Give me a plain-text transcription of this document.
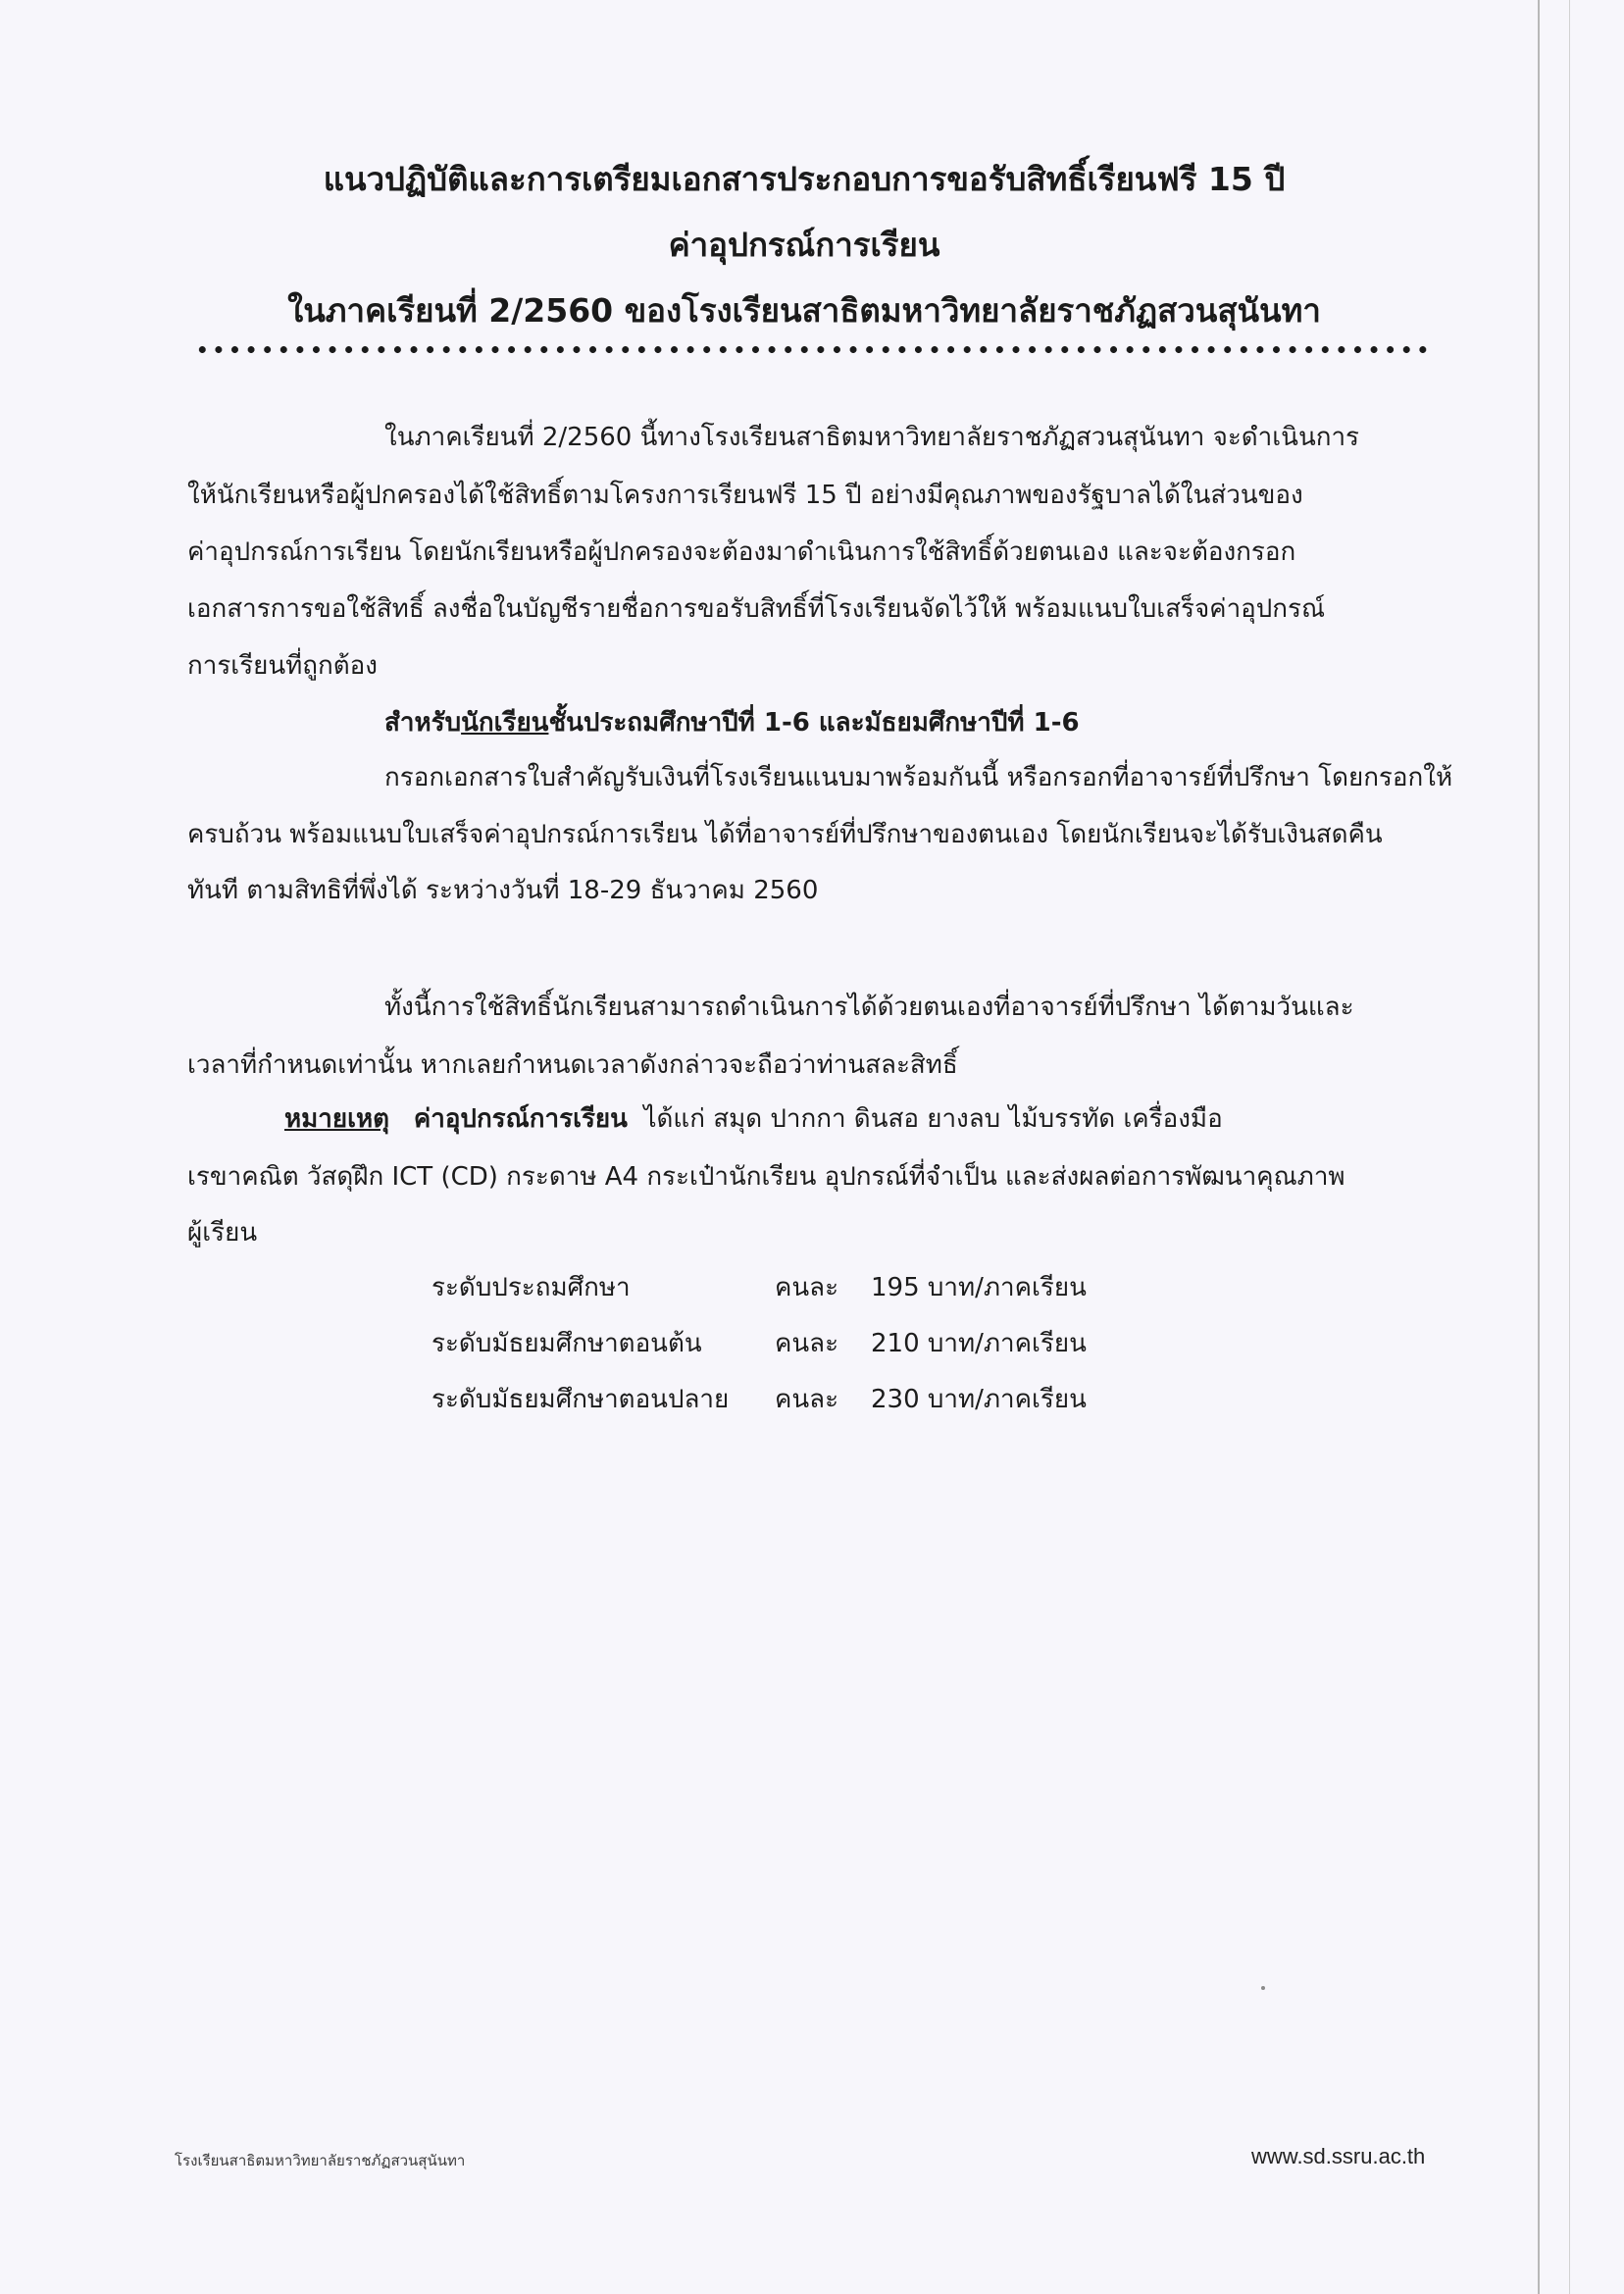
แนวปฏิบัติและการเตรียมเอกสารประกอบการขอรับสิทธิ์เรียนฟรี 15 ปี
ค่าอุปกรณ์การเรียน
ในภาคเรียนที่ 2/2560 ของโรงเรียนสาธิตมหาวิทยาลัยราชภัฏสวนสุนันทา
ในภาคเรียนที่ 2/2560 นี้ทางโรงเรียนสาธิตมหาวิทยาลัยราชภัฏสวนสุนันทา จะดำเนินการ
ให้นักเรียนหรือผู้ปกครองได้ใช้สิทธิ์ตามโครงการเรียนฟรี 15 ปี อย่างมีคุณภาพของรัฐบาลได้ในส่วนของ
ค่าอุปกรณ์การเรียน โดยนักเรียนหรือผู้ปกครองจะต้องมาดำเนินการใช้สิทธิ์ด้วยตนเอง และจะต้องกรอก
เอกสารการขอใช้สิทธิ์ ลงชื่อในบัญชีรายชื่อการขอรับสิทธิ์ที่โรงเรียนจัดไว้ให้ พร้อมแนบใบเสร็จค่าอุปกรณ์
การเรียนที่ถูกต้อง
สำหรับนักเรียนชั้นประถมศึกษาปีที่ 1-6 และมัธยมศึกษาปีที่ 1-6
กรอกเอกสารใบสำคัญรับเงินที่โรงเรียนแนบมาพร้อมกันนี้ หรือกรอกที่อาจารย์ที่ปรึกษา โดยกรอกให้
ครบถ้วน พร้อมแนบใบเสร็จค่าอุปกรณ์การเรียน ได้ที่อาจารย์ที่ปรึกษาของตนเอง โดยนักเรียนจะได้รับเงินสดคืน
ทันที ตามสิทธิที่พึ่งได้ ระหว่างวันที่ 18-29 ธันวาคม 2560
ทั้งนี้การใช้สิทธิ์นักเรียนสามารถดำเนินการได้ด้วยตนเองที่อาจารย์ที่ปรึกษา ได้ตามวันและ
เวลาที่กำหนดเท่านั้น หากเลยกำหนดเวลาดังกล่าวจะถือว่าท่านสละสิทธิ์
หมายเหตุ ค่าอุปกรณ์การเรียน ได้แก่ สมุด ปากกา ดินสอ ยางลบ ไม้บรรทัด เครื่องมือ
เรขาคณิต วัสดุฝึก ICT (CD) กระดาษ A4 กระเป๋านักเรียน อุปกรณ์ที่จำเป็น และส่งผลต่อการพัฒนาคุณภาพ
ผู้เรียน
ระดับประถมศึกษา	คนละ 195 บาท/ภาคเรียน
ระดับมัธยมศึกษาตอนต้น	คนละ 210 บาท/ภาคเรียน
ระดับมัธยมศึกษาตอนปลาย คนละ 230 บาท/ภาคเรียน
โรงเรียนสาธิตมหาวิทยาลัยราชภัฏสวนสุนันทา	www.sd.ssru.ac.th
